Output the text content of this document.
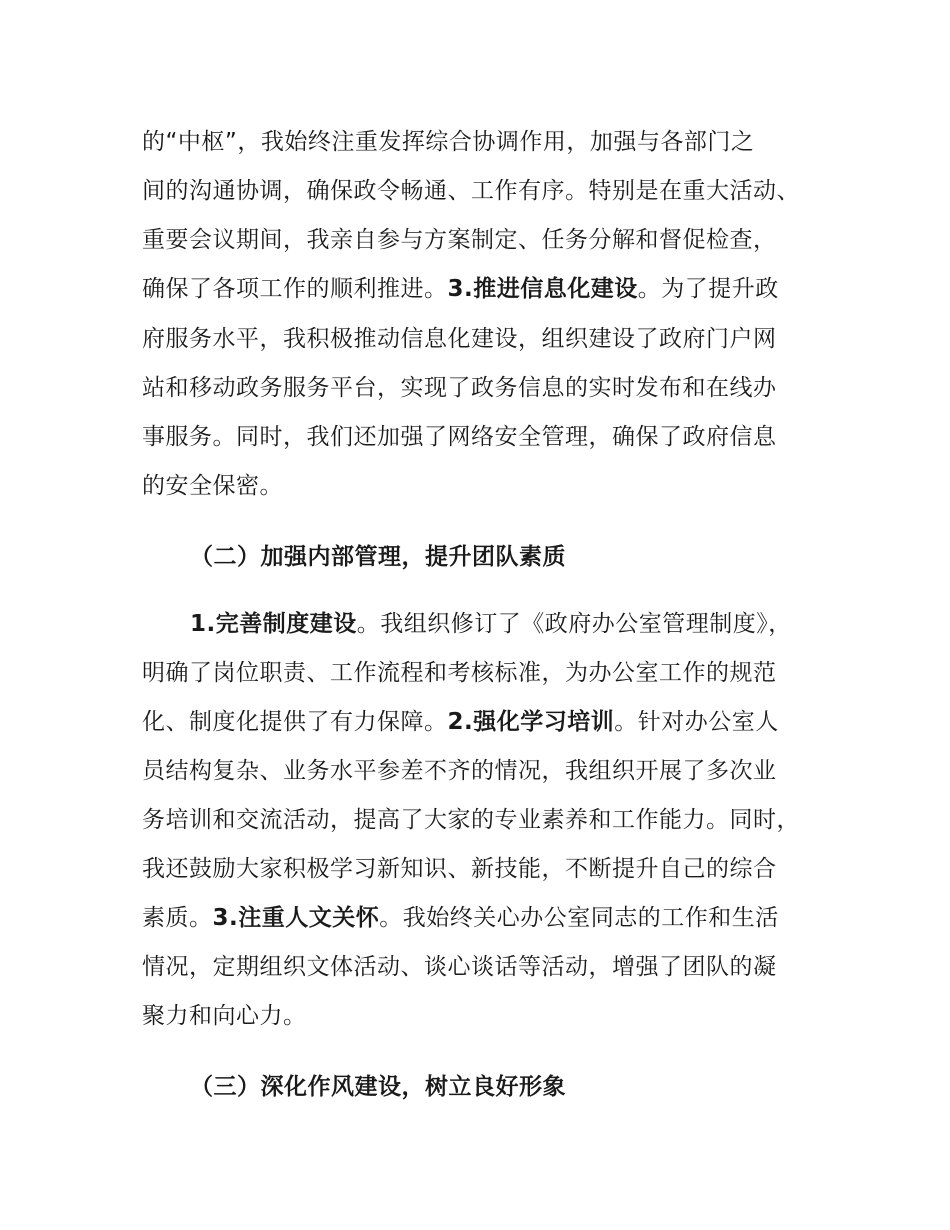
的“中枢”，我始终注重发挥综合协调作用，加强与各部门之
间的沟通协调，确保政令畅通、工作有序。特别是在重大活动、
重要会议期间，我亲自参与方案制定、任务分解和督促检查，
确保了各项工作的顺利推进。3.推进信息化建设。为了提升政
府服务水平，我积极推动信息化建设，组织建设了政府门户网
站和移动政务服务平台，实现了政务信息的实时发布和在线办
事服务。同时，我们还加强了网络安全管理，确保了政府信息
的安全保密。
（二）加强内部管理，提升团队素质
1.完善制度建设。我组织修订了《政府办公室管理制度》，
明确了岗位职责、工作流程和考核标准，为办公室工作的规范
化、制度化提供了有力保障。2.强化学习培训。针对办公室人
员结构复杂、业务水平参差不齐的情况，我组织开展了多次业
务培训和交流活动，提高了大家的专业素养和工作能力。同时，
我还鼓励大家积极学习新知识、新技能，不断提升自己的综合
素质。3.注重人文关怀。我始终关心办公室同志的工作和生活
情况，定期组织文体活动、谈心谈话等活动，增强了团队的凝
聚力和向心力。
（三）深化作风建设，树立良好形象
